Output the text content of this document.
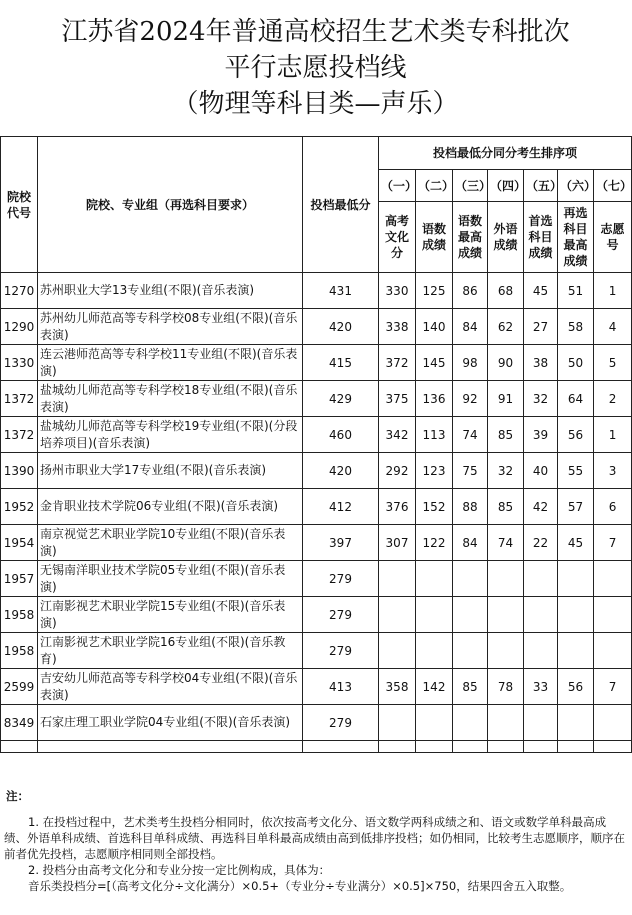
江苏省2024年普通高校招生艺术类专科批次
平行志愿投档线
（物理等科目类—声乐）
院校代号	院校、专业组（再选科目要求）	投档最低分	投档最低分同分考生排序项						
			（一）	（二）	（三）	（四）	（五）	（六）	（七）
			高考文化分	语数成绩	语数最高成绩	外语成绩	首选科目成绩	再选科目最高成绩	志愿号
1270	苏州职业大学13专业组(不限)(音乐表演)	431	330	125	86	68	45	51	1
1290	苏州幼儿师范高等专科学校08专业组(不限)(音乐表演)	420	338	140	84	62	27	58	4
1330	连云港师范高等专科学校11专业组(不限)(音乐表演)	415	372	145	98	90	38	50	5
1372	盐城幼儿师范高等专科学校18专业组(不限)(音乐表演)	429	375	136	92	91	32	64	2
1372	盐城幼儿师范高等专科学校19专业组(不限)(分段培养项目)(音乐表演)	460	342	113	74	85	39	56	1
1390	扬州市职业大学17专业组(不限)(音乐表演)	420	292	123	75	32	40	55	3
1952	金肯职业技术学院06专业组(不限)(音乐表演)	412	376	152	88	85	42	57	6
1954	南京视觉艺术职业学院10专业组(不限)(音乐表演)	397	307	122	84	74	22	45	7
1957	无锡南洋职业技术学院05专业组(不限)(音乐表演)	279							
1958	江南影视艺术职业学院15专业组(不限)(音乐表演)	279							
1958	江南影视艺术职业学院16专业组(不限)(音乐教育)	279							
2599	吉安幼儿师范高等专科学校04专业组(不限)(音乐表演)	413	358	142	85	78	33	56	7
8349	石家庄理工职业学院04专业组(不限)(音乐表演)	279							

注：
1. 在投档过程中，艺术类考生投档分相同时，依次按高考文化分、语文数学两科成绩之和、语文或数学单科最高成绩、外语单科成绩、首选科目单科成绩、再选科目单科最高成绩由高到低排序投档；如仍相同，比较考生志愿顺序，顺序在前者优先投档，志愿顺序相同则全部投档。
2. 投档分由高考文化分和专业分按一定比例构成，具体为：
音乐类投档分=[（高考文化分÷文化满分）×0.5+（专业分÷专业满分）×0.5]×750，结果四舍五入取整。
